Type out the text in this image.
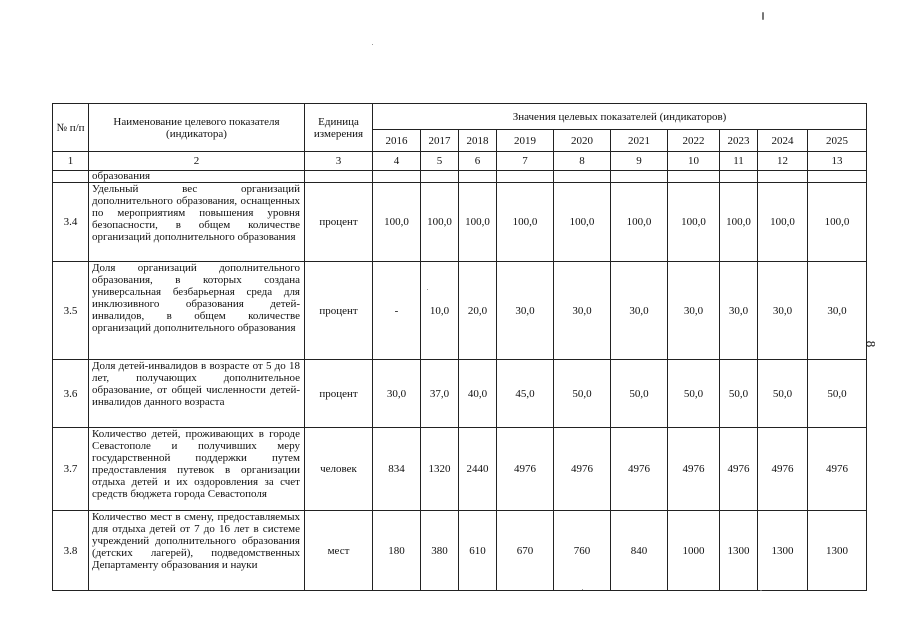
№ п/п	Наименование целевого показателя (индикатора)	Единица измерения	Значения целевых показателей (индикаторов)									
			2016	2017	2018	2019	2020	2021	2022	2023	2024	2025
1	2	3	4	5	6	7	8	9	10	11	12	13
	образования											
3.4	Удельный вес организаций дополнительного образования, оснащенных по мероприятиям повышения уровня безопасности, в общем количестве организаций дополнительного образования	процент	100,0	100,0	100,0	100,0	100,0	100,0	100,0	100,0	100,0	100,0
3.5	Доля организаций дополнительного образования, в которых создана универсальная безбарьерная среда для инклюзивного образования детей-инвалидов, в общем количестве организаций дополнительного образования	процент	-	10,0	20,0	30,0	30,0	30,0	30,0	30,0	30,0	30,0
3.6	Доля детей-инвалидов в возрасте от 5 до 18 лет, получающих дополнительное образование, от общей численности детей-инвалидов данного возраста	процент	30,0	37,0	40,0	45,0	50,0	50,0	50,0	50,0	50,0	50,0
3.7	Количество детей, проживающих в городе Севастополе и получивших меру государственной поддержки путем предоставления путевок в организации отдыха детей и их оздоровления за счет средств бюджета города Севастополя	человек	834	1320	2440	4976	4976	4976	4976	4976	4976	4976
3.8	Количество мест в смену, предоставляемых для отдыха детей от 7 до 16 лет в системе учреждений дополнительного образования (детских лагерей), подведомственных Департаменту образования и науки	мест	180	380	610	670	760	840	1000	1300	1300	1300
8
